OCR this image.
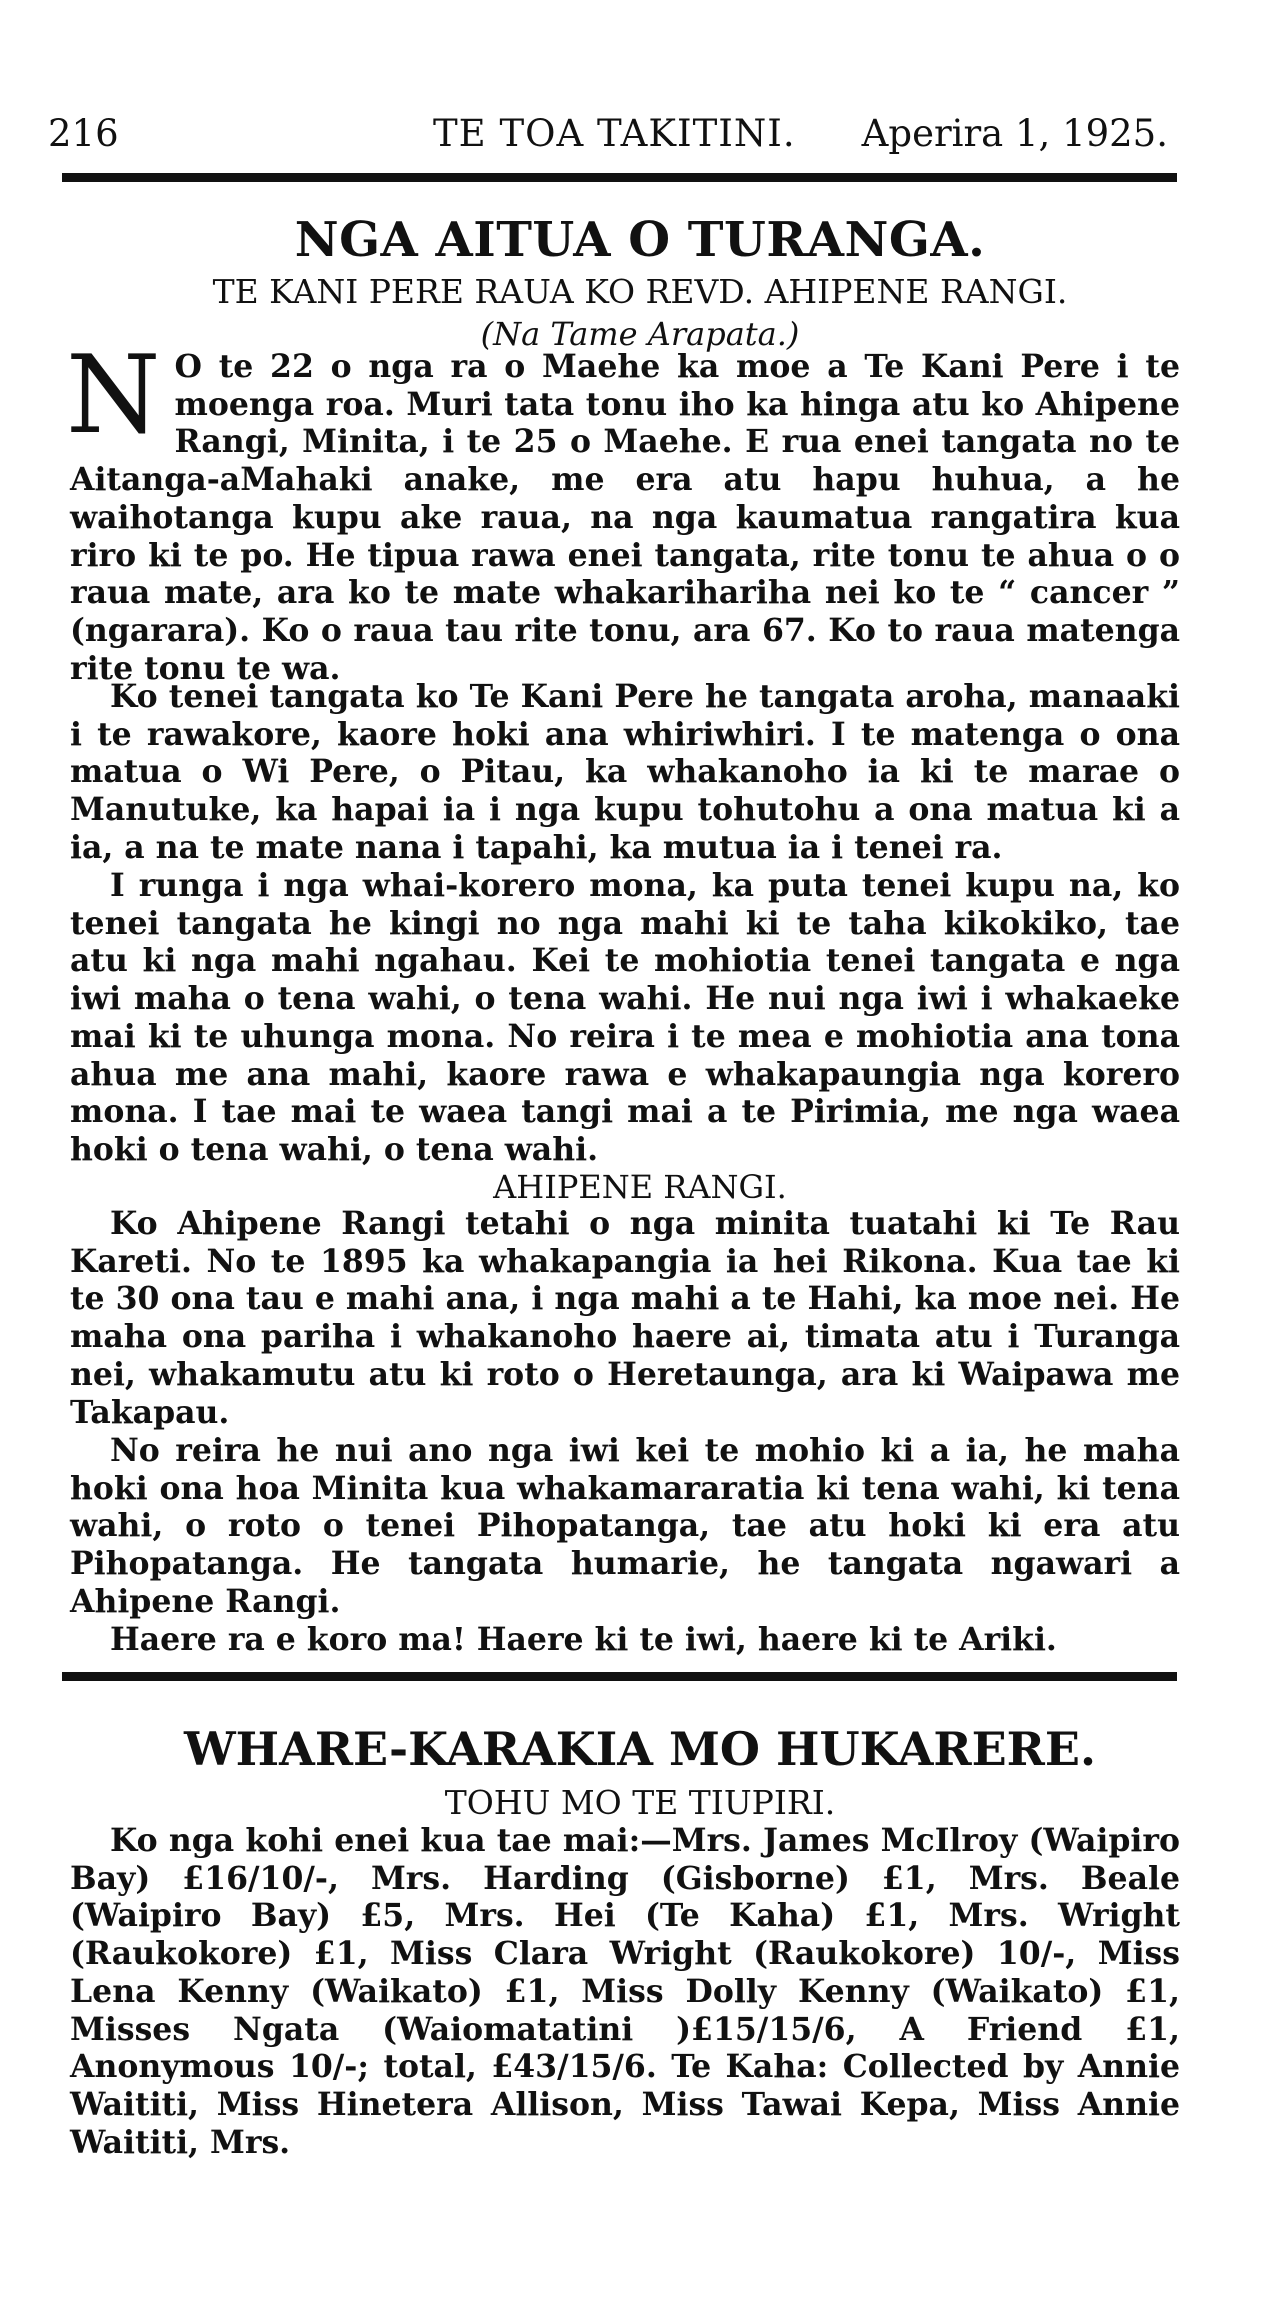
216	TE TOA TAKITINI. Aperira 1, 1925.
NGA AITUA O TURANGA.
TE KANI PERE RAUA KO REVD. AHIPENE RANGI.
(Na Tame Arapata.)

N O te 22 o nga ra o Maehe ka moe a Te Kani Pere i te moenga roa. Muri tata tonu iho ka hinga atu ko Ahipene Rangi, Minita, i te 25 o Maehe. E rua enei tangata no te Aitanga-aMahaki anake, me era atu hapu huhua, a he waihotanga kupu ake raua, na nga kaumatua rangatira kua riro ki te po. He tipua rawa enei tangata, rite tonu te ahua o o raua mate, ara ko te mate whakarihariha nei ko te “ cancer ” (ngarara). Ko o raua tau rite tonu, ara 67. Ko to raua matenga rite tonu te wa.

Ko tenei tangata ko Te Kani Pere he tangata aroha, manaaki i te rawakore, kaore hoki ana whiriwhiri. I te matenga o ona matua o Wi Pere, o Pitau, ka whakanoho ia ki te marae o Manutuke, ka hapai ia i nga kupu tohutohu a ona matua ki a ia, a na te mate nana i tapahi, ka mutua ia i tenei ra.

I runga i nga whai-korero mona, ka puta tenei kupu na, ko tenei tangata he kingi no nga mahi ki te taha kikokiko, tae atu ki nga mahi ngahau. Kei te mohiotia tenei tangata e nga iwi maha o tena wahi, o tena wahi. He nui nga iwi i whakaeke mai ki te uhunga mona. No reira i te mea e mohiotia ana tona ahua me ana mahi, kaore rawa e whakapaungia nga korero mona. I tae mai te waea tangi mai a te Pirimia, me nga waea hoki o tena wahi, o tena wahi.

AHIPENE RANGI.

Ko Ahipene Rangi tetahi o nga minita tuatahi ki Te Rau Kareti. No te 1895 ka whakapangia ia hei Rikona. Kua tae ki te 30 ona tau e mahi ana, i nga mahi a te Hahi, ka moe nei. He maha ona pariha i whakanoho haere ai, timata atu i Turanga nei, whakamutu atu ki roto o Heretaunga, ara ki Waipawa me Takapau.

No reira he nui ano nga iwi kei te mohio ki a ia, he maha hoki ona hoa Minita kua whakamararatia ki tena wahi, ki tena wahi, o roto o tenei Pihopatanga, tae atu hoki ki era atu Pihopatanga. He tangata humarie, he tangata ngawari a Ahipene Rangi.

Haere ra e koro ma! Haere ki te iwi, haere ki te Ariki.

WHARE-KARAKIA MO HUKARERE.
TOHU MO TE TIUPIRI.

Ko nga kohi enei kua tae mai:—Mrs. James McIlroy (Waipiro Bay) £16/10/-, Mrs. Harding (Gisborne) £1, Mrs. Beale (Waipiro Bay) £5, Mrs. Hei (Te Kaha) £1, Mrs. Wright (Raukokore) £1, Miss Clara Wright (Raukokore) 10/-, Miss Lena Kenny (Waikato) £1, Miss Dolly Kenny (Waikato) £1, Misses Ngata (Waiomatatini )£15/15/6, A Friend £1, Anonymous 10/-; total, £43/15/6. Te Kaha: Collected by Annie Waititi, Miss Hinetera Allison, Miss Tawai Kepa, Miss Annie Waititi, Mrs.
